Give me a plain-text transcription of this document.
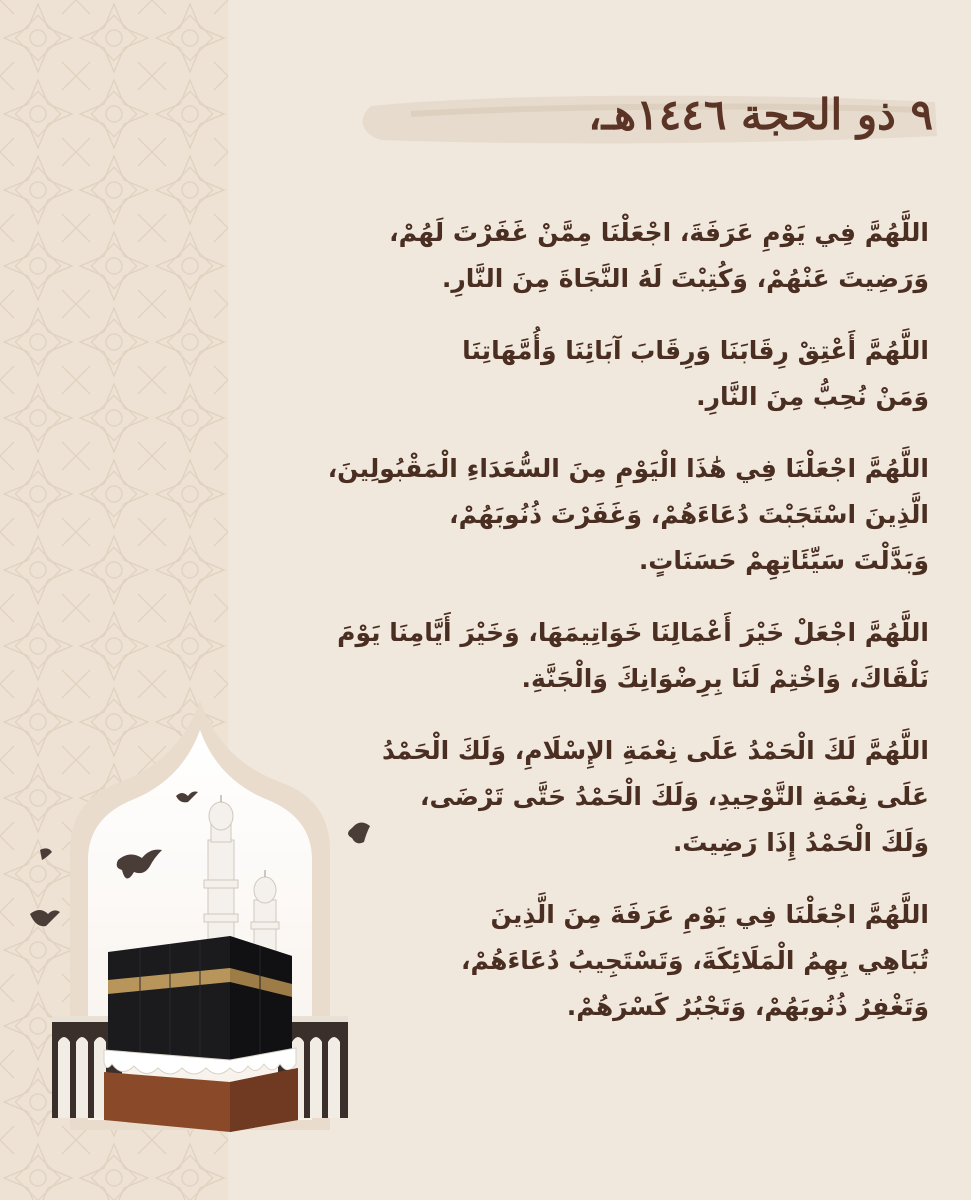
٩ ذو الحجة ١٤٤٦هـ،

اللَّهُمَّ فِي يَوْمِ عَرَفَةَ، اجْعَلْنَا مِمَّنْ غَفَرْتَ لَهُمْ،

وَرَضِيتَ عَنْهُمْ، وَكُتِبْتَ لَهُ النَّجَاةَ مِنَ النَّارِ.

اللَّهُمَّ أَعْتِقْ رِقَابَنَا وَرِقَابَ آبَائِنَا وَأُمَّهَاتِنَا

وَمَنْ نُحِبُّ مِنَ النَّارِ.

اللَّهُمَّ اجْعَلْنَا فِي هَٰذَا الْيَوْمِ مِنَ السُّعَدَاءِ الْمَقْبُولِينَ،

الَّذِينَ اسْتَجَبْتَ دُعَاءَهُمْ، وَغَفَرْتَ ذُنُوبَهُمْ،

وَبَدَّلْتَ سَيِّئَاتِهِمْ حَسَنَاتٍ.

اللَّهُمَّ اجْعَلْ خَيْرَ أَعْمَالِنَا خَوَاتِيمَهَا، وَخَيْرَ أَيَّامِنَا يَوْمَ

نَلْقَاكَ، وَاخْتِمْ لَنَا بِرِضْوَانِكَ وَالْجَنَّةِ.

اللَّهُمَّ لَكَ الْحَمْدُ عَلَى نِعْمَةِ الإِسْلَامِ، وَلَكَ الْحَمْدُ

عَلَى نِعْمَةِ التَّوْحِيدِ، وَلَكَ الْحَمْدُ حَتَّى تَرْضَى،

وَلَكَ الْحَمْدُ إِذَا رَضِيتَ.

اللَّهُمَّ اجْعَلْنَا فِي يَوْمِ عَرَفَةَ مِنَ الَّذِينَ

تُبَاهِي بِهِمُ الْمَلَائِكَةَ، وَتَسْتَجِيبُ دُعَاءَهُمْ،

وَتَغْفِرُ ذُنُوبَهُمْ، وَتَجْبُرُ كَسْرَهُمْ.
